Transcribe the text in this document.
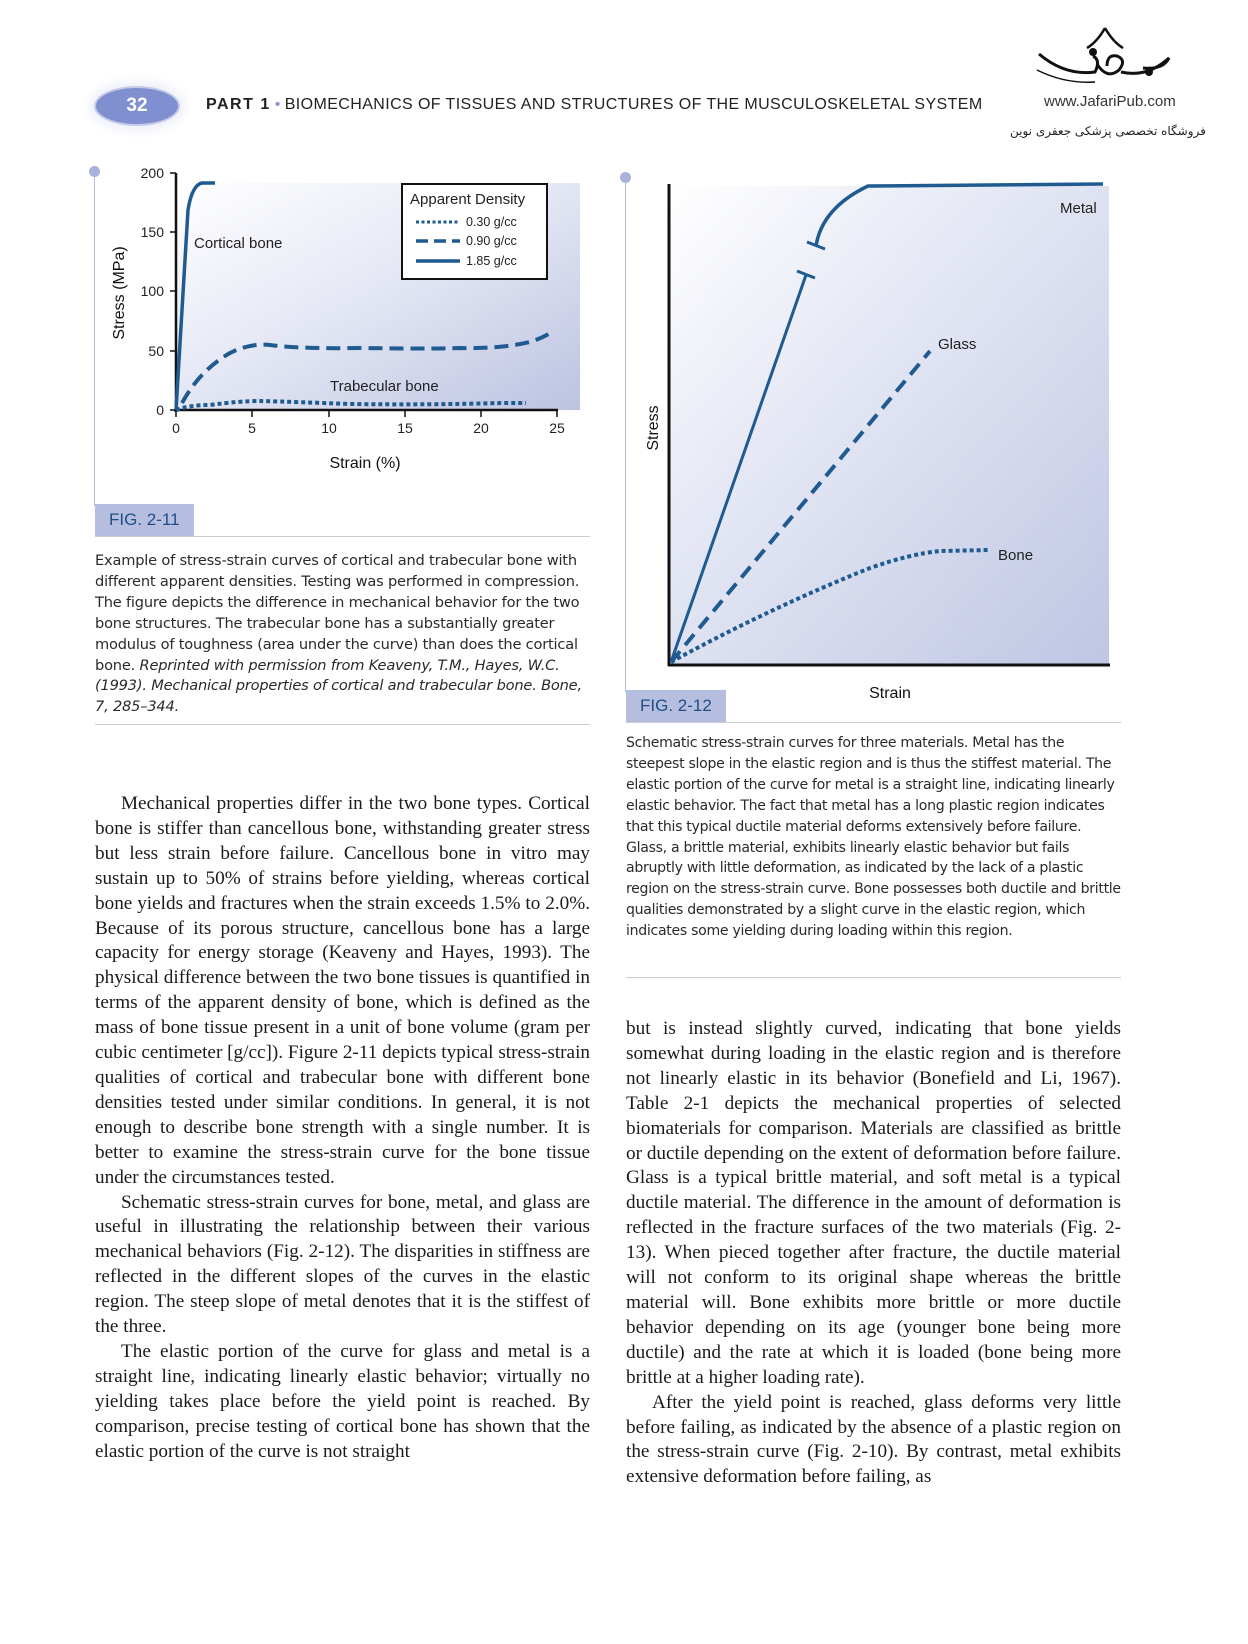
32	PART 1 • BIOMECHANICS OF TISSUES AND STRUCTURES OF THE MUSCULOSKELETAL SYSTEM	www.JafariPub.com
فروشگاه تخصصی پزشکی جعفری نوین
200
150
100
50
0
0	5	10	15	20	25
Strain (%)
Stress (MPa)
Cortical bone
Trabecular bone
Apparent Density
0.30 g/cc
0.90 g/cc
1.85 g/cc
FIG. 2-11
Example of stress-strain curves of cortical and trabecular bone with different apparent densities. Testing was performed in compression. The figure depicts the difference in mechanical behavior for the two bone structures. The trabecular bone has a substantially greater modulus of toughness (area under the curve) than does the cortical bone. Reprinted with permission from Keaveny, T.M., Hayes, W.C. (1993). Mechanical properties of cortical and trabecular bone. Bone, 7, 285–344.
Stress
Strain
Metal
Glass
Bone
FIG. 2-12
Schematic stress-strain curves for three materials. Metal has the steepest slope in the elastic region and is thus the stiffest material. The elastic portion of the curve for metal is a straight line, indicating linearly elastic behavior. The fact that metal has a long plastic region indicates that this typical ductile material deforms extensively before failure. Glass, a brittle material, exhibits linearly elastic behavior but fails abruptly with little deformation, as indicated by the lack of a plastic region on the stress-strain curve. Bone possesses both ductile and brittle qualities demonstrated by a slight curve in the elastic region, which indicates some yielding during loading within this region.

Mechanical properties differ in the two bone types. Cortical bone is stiffer than cancellous bone, withstanding greater stress but less strain before failure. Cancellous bone in vitro may sustain up to 50% of strains before yielding, whereas cortical bone yields and fractures when the strain exceeds 1.5% to 2.0%. Because of its porous structure, cancellous bone has a large capacity for energy storage (Keaveny and Hayes, 1993). The physical difference between the two bone tissues is quantified in terms of the apparent density of bone, which is defined as the mass of bone tissue present in a unit of bone volume (gram per cubic centimeter [g/cc]). Figure 2-11 depicts typical stress-strain qualities of cortical and trabecular bone with different bone densities tested under similar conditions. In general, it is not enough to describe bone strength with a single number. It is better to examine the stress-strain curve for the bone tissue under the circumstances tested.

Schematic stress-strain curves for bone, metal, and glass are useful in illustrating the relationship between their various mechanical behaviors (Fig. 2-12). The disparities in stiffness are reflected in the different slopes of the curves in the elastic region. The steep slope of metal denotes that it is the stiffest of the three.

The elastic portion of the curve for glass and metal is a straight line, indicating linearly elastic behavior; virtually no yielding takes place before the yield point is reached. By comparison, precise testing of cortical bone has shown that the elastic portion of the curve is not straight

but is instead slightly curved, indicating that bone yields somewhat during loading in the elastic region and is therefore not linearly elastic in its behavior (Bonefield and Li, 1967). Table 2-1 depicts the mechanical properties of selected biomaterials for comparison. Materials are classified as brittle or ductile depending on the extent of deformation before failure. Glass is a typical brittle material, and soft metal is a typical ductile material. The difference in the amount of deformation is reflected in the fracture surfaces of the two materials (Fig. 2-13). When pieced together after fracture, the ductile material will not conform to its original shape whereas the brittle material will. Bone exhibits more brittle or more ductile behavior depending on its age (younger bone being more ductile) and the rate at which it is loaded (bone being more brittle at a higher loading rate).

After the yield point is reached, glass deforms very little before failing, as indicated by the absence of a plastic region on the stress-strain curve (Fig. 2-10). By contrast, metal exhibits extensive deformation before failing, as
